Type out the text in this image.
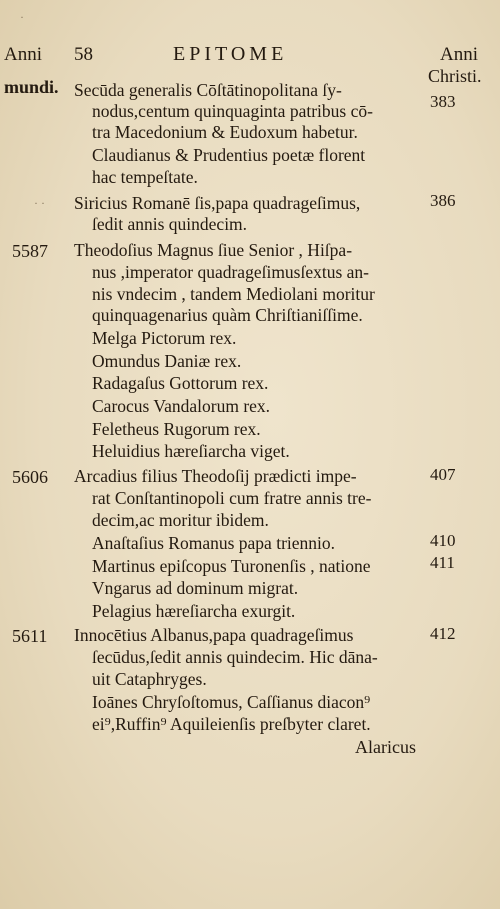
Anni 58	EPITOME	Anni
mundi.
Christi.
Secūda generalis Cōſtātinopolitana ſy-
nodus,centum quinquaginta patribus cō-
tra Macedonium & Eudoxum habetur.
Claudianus & Prudentius poetæ florent
hac tempeſtate.
Siricius Romanē ſis,papa quadrageſimus,
ſedit annis quindecim.
Theodoſius Magnus ſiue Senior , Hiſpa-
nus ,imperator quadrageſimusſextus an-
nis vndecim , tandem Mediolani moritur
quinquagenarius quàm Chriſtianiſſime.
Melga Pictorum rex.
Omundus Daniæ rex.
Radagaſus Gottorum rex.
Carocus Vandalorum rex.
Feletheus Rugorum rex.
Heluidius hæreſiarcha viget.
Arcadius filius Theodoſij prædicti impe-
rat Conſtantinopoli cum fratre annis tre-
decim,ac moritur ibidem.
Anaſtaſius Romanus papa triennio.
Martinus epiſcopus Turonenſis , natione
Vngarus ad dominum migrat.
Pelagius hæreſiarcha exurgit.
Innocētius Albanus,papa quadrageſimus
ſecūdus,ſedit annis quindecim. Hic dāna-
uit Cataphryges.
Ioānes Chryſoſtomus, Caſſianus diacon⁹
ei⁹,Ruffin⁹ Aquileienſis preſbyter claret.
Alaricus
5587
5606
5611
383
386
407
410
411
412
· ·
·
